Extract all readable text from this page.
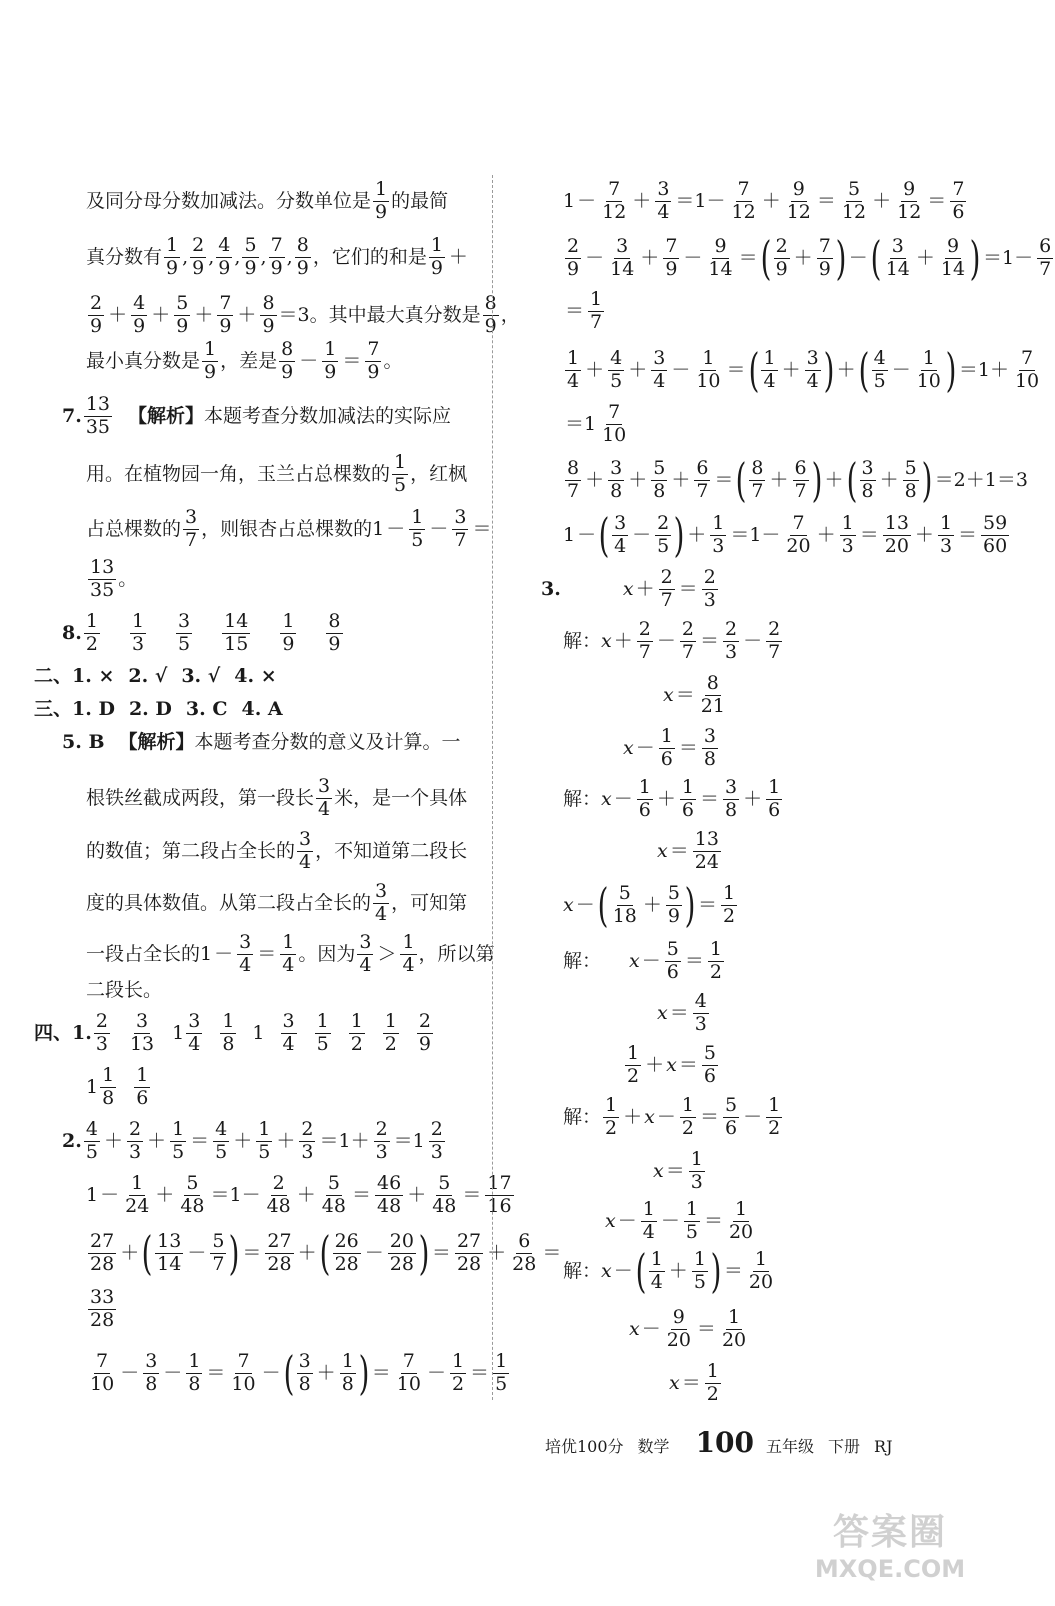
及同分母分数加减法。分数单位是 $\frac{1}{9}$ 的最简
真分数有 $\frac{1}{9}$ , $\frac{2}{9}$ , $\frac{4}{9}$ , $\frac{5}{9}$ , $\frac{7}{9}$ , $\frac{8}{9}$ ，它们的和是 $\frac{1}{9}$ ＋
$\frac{2}{9} + \frac{4}{9} + \frac{5}{9} + \frac{7}{9} + \frac{8}{9} =3$。其中最大真分数是 $\frac{8}{9}$ ，
最小真分数是 $\frac{1}{9}$ ，差是 $\frac{8}{9} - \frac{1}{9} = \frac{7}{9}$ 。
7. $\frac{13}{35}$ 【解析】 本题考查分数加减法的实际应
用。在植物园一角，玉兰占总棵数的 $\frac{1}{5}$ ，红枫
占总棵数的 $\frac{3}{7}$ ，则银杏占总棵数的 $1 - \frac{1}{5} - \frac{3}{7}$ ＝
$\frac{13}{35}$ 。
8. $\frac{1}{2} \frac{1}{3} \frac{3}{5} \frac{14}{15} \frac{1}{9} \frac{8}{9}$
二、 1. × 2. √ 3. √ 4. ×
三、 1. D 2. D 3. C 4. A
5. B 【解析】 本题考查分数的意义及计算。一
根铁丝截成两段，第一段长 $\frac{3}{4}$ 米，是一个具体
的数值；第二段占全长的 $\frac{3}{4}$ ，不知道第二段长
度的具体数值。从第二段占全长的 $\frac{3}{4}$ ，可知第
一段占全长的 $1 - \frac{3}{4} = \frac{1}{4}$ 。因为 $\frac{3}{4} > \frac{1}{4}$ ，所以第
二段长。
四、 1. $\frac{2}{3} \frac{3}{13} 1 \frac{3}{4} \frac{1}{8} 1 \frac{3}{4} \frac{1}{5} \frac{1}{2} \frac{1}{2} \frac{2}{9}$
$1 \frac{1}{8} \frac{1}{6}$
2. $\frac{4}{5} + \frac{2}{3} + \frac{1}{5} = \frac{4}{5} + \frac{1}{5} + \frac{2}{3} =1+ \frac{2}{3} =1 \frac{2}{3}$
$1 - \frac{1}{24} + \frac{5}{48} =1- \frac{2}{48} + \frac{5}{48} = \frac{46}{48} + \frac{5}{48} = \frac{17}{16}$
$\frac{27}{28}$ ＋ ( $\frac{13}{14} - \frac{5}{7}$ ) ＝ $\frac{27}{28}$ ＋ ( $\frac{26}{28} - \frac{20}{28}$ ) ＝ $\frac{27}{28} + \frac{6}{28}$ ＝
$\frac{33}{28}$
$\frac{7}{10} - \frac{3}{8} - \frac{1}{8} = \frac{7}{10}$ － ( $\frac{3}{8} + \frac{1}{8}$ ) ＝ $\frac{7}{10} - \frac{1}{2} = \frac{1}{5}$
$1 - \frac{7}{12} + \frac{3}{4} =1- \frac{7}{12} + \frac{9}{12} = \frac{5}{12} + \frac{9}{12} = \frac{7}{6}$
$\frac{2}{9} - \frac{3}{14} + \frac{7}{9} - \frac{9}{14}$ ＝ ( $\frac{2}{9} + \frac{7}{9}$ ) － ( $\frac{3}{14} + \frac{9}{14}$ ) $=1- \frac{6}{7}$
＝ $\frac{1}{7}$
$\frac{1}{4} + \frac{4}{5} + \frac{3}{4} - \frac{1}{10}$ ＝ ( $\frac{1}{4} + \frac{3}{4}$ ) ＋ ( $\frac{4}{5} - \frac{1}{10}$ ) $=1+ \frac{7}{10}$
$=1 \frac{7}{10}$
$\frac{8}{7} + \frac{3}{8} + \frac{5}{8} + \frac{6}{7}$ ＝ ( $\frac{8}{7} + \frac{6}{7}$ ) ＋ ( $\frac{3}{8} + \frac{5}{8}$ ) ＝2＋1＝3
1 － ( $\frac{3}{4} - \frac{2}{5}$ ) ＋ $\frac{1}{3} =1- \frac{7}{20} + \frac{1}{3} = \frac{13}{20} + \frac{1}{3} = \frac{59}{60}$
3.	$x + \frac{2}{7} = \frac{2}{3}$
解： $x + \frac{2}{7} - \frac{2}{7} = \frac{2}{3} - \frac{2}{7}$
$x = \frac{8}{21}$
$x - \frac{1}{6} = \frac{3}{8}$
解： $x - \frac{1}{6} + \frac{1}{6} = \frac{3}{8} + \frac{1}{6}$
$x = \frac{13}{24}$
x － ( $\frac{5}{18} + \frac{5}{9}$ ) ＝ $\frac{1}{2}$
解： $x - \frac{5}{6} = \frac{1}{2}$
$x = \frac{4}{3}$
$\frac{1}{2} + x = \frac{5}{6}$
解： $\frac{1}{2} + x - \frac{1}{2} = \frac{5}{6} - \frac{1}{2}$
$x = \frac{1}{3}$
$x - \frac{1}{4} - \frac{1}{5} = \frac{1}{20}$
解： x － ( $\frac{1}{4} + \frac{1}{5}$ ) ＝ $\frac{1}{20}$
$x - \frac{9}{20} = \frac{1}{20}$
$x = \frac{1}{2}$
培优100分 数学 100 五年级 下册 RJ
答案圈
MXQE.COM
